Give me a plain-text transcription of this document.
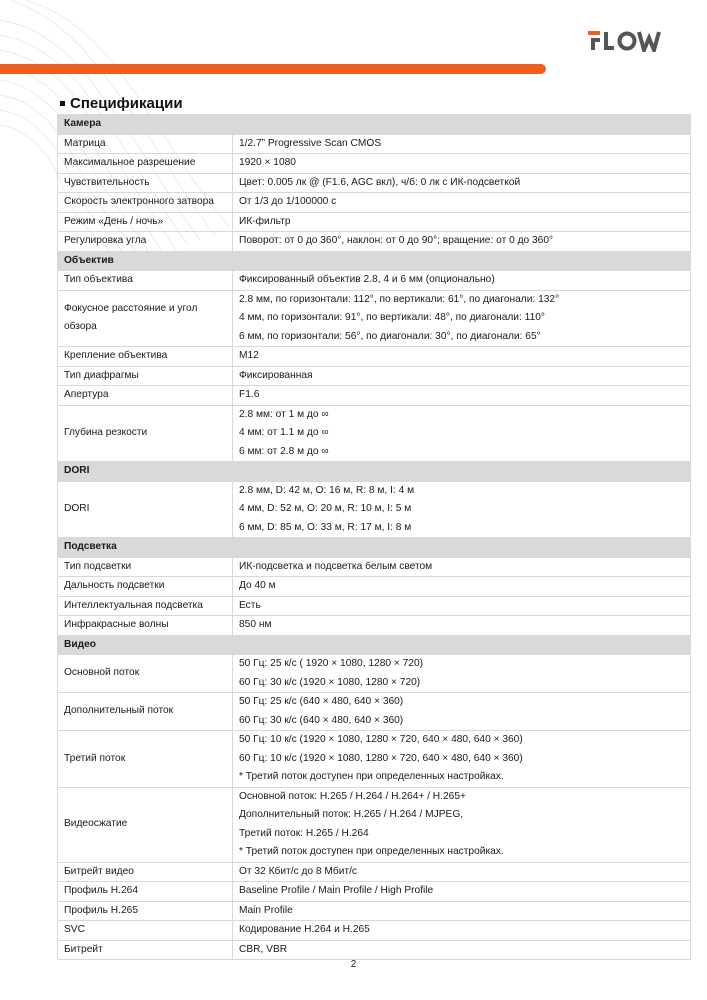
Спецификации
Камера	
Матрица	1/2.7” Progressive Scan CMOS

Максимальное разрешение	1920 × 1080

Чувствительность	Цвет: 0.005 лк @ (F1.6, AGC вкл), ч/б: 0 лк с ИК-подсветкой

Скорость электронного затвора	От 1/3 до 1/100000 с

Режим «День / ночь»	ИК-фильтр

Регулировка угла	Поворот: от 0 до 360°, наклон: от 0 до 90°; вращение: от 0 до 360°

Объектив	
Тип объектива	Фиксированный объектив 2.8, 4 и 6 мм (опционально)

Фокусное расстояние и угол обзора	2.8 мм, по горизонтали: 112°, по вертикали: 61°, по диагонали: 132°
4 мм, по горизонтали: 91°, по вертикали: 48°, по диагонали: 110°
6 мм, по горизонтали: 56°, по диагонали: 30°, по диагонали: 65°

Крепление объектива	M12

Тип диафрагмы	Фиксированная

Апертура	F1.6

Глубина резкости	2.8 мм: от 1 м до ∞
4 мм: от 1.1 м до ∞
6 мм: от 2.8 м до ∞

DORI	
DORI	2.8 мм, D: 42 м, O: 16 м, R: 8 м, I: 4 м
4 мм, D: 52 м, O: 20 м, R: 10 м, I: 5 м
6 мм, D: 85 м, O: 33 м, R: 17 м, I: 8 м

Подсветка	
Тип подсветки	ИК-подсветка и подсветка белым светом

Дальность подсветки	До 40 м

Интеллектуальная подсветка	Есть

Инфракрасные волны	850 нм

Видео	
Основной поток	50 Гц: 25 к/с ( 1920 × 1080, 1280 × 720)
60 Гц: 30 к/с (1920 × 1080, 1280 × 720)

Дополнительный поток	50 Гц: 25 к/с (640 × 480, 640 × 360)
60 Гц: 30 к/с (640 × 480, 640 × 360)

Третий поток	50 Гц: 10 к/с (1920 × 1080, 1280 × 720, 640 × 480, 640 × 360)
60 Гц: 10 к/с (1920 × 1080, 1280 × 720, 640 × 480, 640 × 360)
* Третий поток доступен при определенных настройках.

Видеосжатие	Основной поток: H.265 / H.264 / H.264+ / H.265+
Дополнительный поток: H.265 / H.264 / MJPEG,
Третий поток: H.265 / H.264
* Третий поток доступен при определенных настройках.

Битрейт видео	От 32 Кбит/с до 8 Мбит/с

Профиль H.264	Baseline Profile / Main Profile / High Profile

Профиль H.265	Main Profile

SVC	Кодирование H.264 и H.265

Битрейт	CBR, VBR
2
